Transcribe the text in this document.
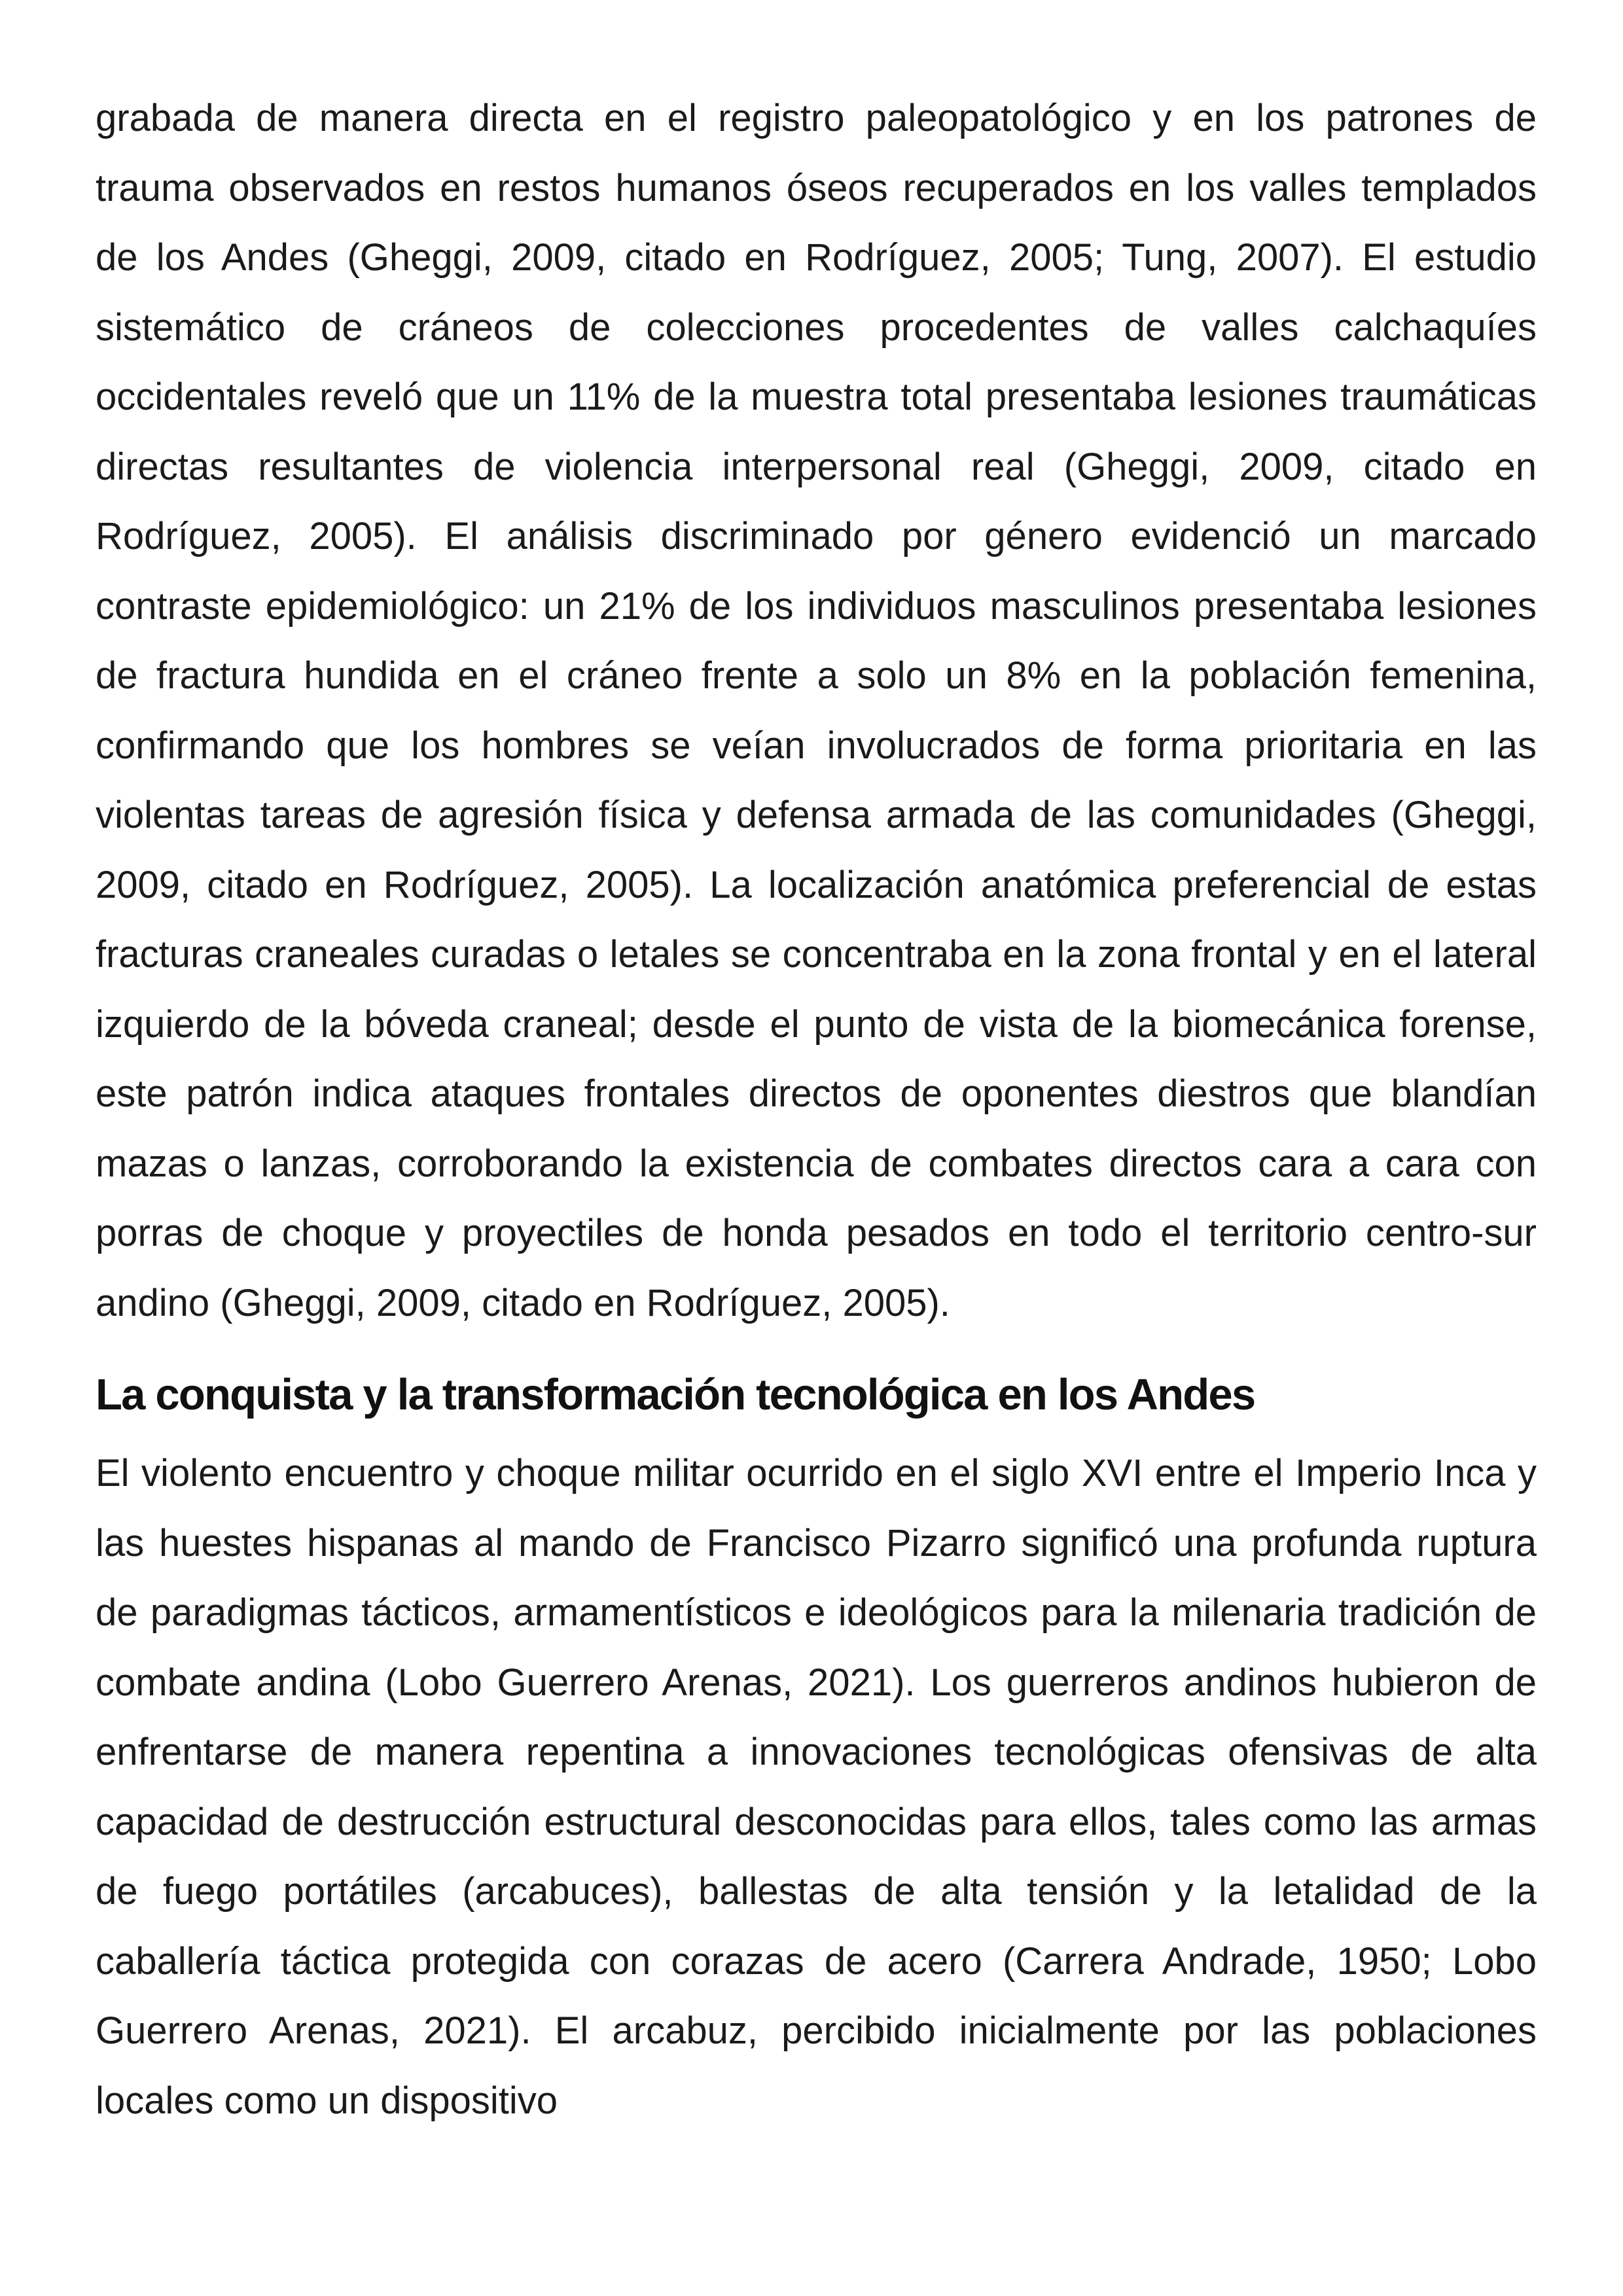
grabada de manera directa en el registro paleopatológico y en los patrones de trauma observados en restos humanos óseos recuperados en los valles templados de los Andes (Gheggi, 2009, citado en Rodríguez, 2005; Tung, 2007). El estudio sistemático de cráneos de colecciones procedentes de valles calchaquíes occidentales reveló que un 11% de la muestra total presentaba lesiones traumáticas directas resultantes de violencia interpersonal real (Gheggi, 2009, citado en Rodríguez, 2005). El análisis discriminado por género evidenció un marcado contraste epidemiológico: un 21% de los individuos masculinos presentaba lesiones de fractura hundida en el cráneo frente a solo un 8% en la población femenina, confirmando que los hombres se veían involucrados de forma prioritaria en las violentas tareas de agresión física y defensa armada de las comunidades (Gheggi, 2009, citado en Rodríguez, 2005). La localización anatómica preferencial de estas fracturas craneales curadas o letales se concentraba en la zona frontal y en el lateral izquierdo de la bóveda craneal; desde el punto de vista de la biomecánica forense, este patrón indica ataques frontales directos de oponentes diestros que blandían mazas o lanzas, corroborando la existencia de combates directos cara a cara con porras de choque y proyectiles de honda pesados en todo el territorio centro-sur andino (Gheggi, 2009, citado en Rodríguez, 2005).

La conquista y la transformación tecnológica en los Andes

El violento encuentro y choque militar ocurrido en el siglo XVI entre el Imperio Inca y las huestes hispanas al mando de Francisco Pizarro significó una profunda ruptura de paradigmas tácticos, armamentísticos e ideológicos para la milenaria tradición de combate andina (Lobo Guerrero Arenas, 2021). Los guerreros andinos hubieron de enfrentarse de manera repentina a innovaciones tecnológicas ofensivas de alta capacidad de destrucción estructural desconocidas para ellos, tales como las armas de fuego portátiles (arcabuces), ballestas de alta tensión y la letalidad de la caballería táctica protegida con corazas de acero (Carrera Andrade, 1950; Lobo Guerrero Arenas, 2021). El arcabuz, percibido inicialmente por las poblaciones locales como un dispositivo
